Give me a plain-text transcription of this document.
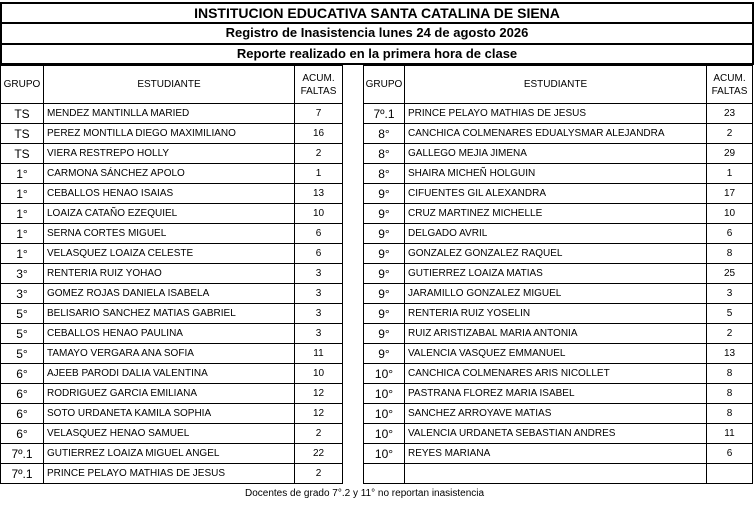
INSTITUCION EDUCATIVA SANTA CATALINA DE SIENA
Registro de Inasistencia lunes 24 de agosto 2026
Reporte realizado en la primera hora de clase
GRUPO	ESTUDIANTE	ACUM. FALTAS		GRUPO	ESTUDIANTE	ACUM. FALTAS
TS	MENDEZ MANTINLLA MARIED	7		7º.1	PRINCE PELAYO MATHIAS DE JESUS	23
TS	PEREZ MONTILLA DIEGO MAXIMILIANO	16		8°	CANCHICA COLMENARES EDUALYSMAR ALEJANDRA	2
TS	VIERA RESTREPO HOLLY	2		8°	GALLEGO MEJIA JIMENA	29
1°	CARMONA SÁNCHEZ APOLO	1		8°	SHAIRA MICHEÑ HOLGUIN	1
1°	CEBALLOS HENAO ISAIAS	13		9°	CIFUENTES GIL ALEXANDRA	17
1°	LOAIZA CATAÑO EZEQUIEL	10		9°	CRUZ MARTINEZ MICHELLE	10
1°	SERNA CORTES MIGUEL	6		9°	DELGADO AVRIL	6
1°	VELASQUEZ LOAIZA CELESTE	6		9°	GONZALEZ GONZALEZ RAQUEL	8
3°	RENTERIA RUIZ YOHAO	3		9°	GUTIERREZ LOAIZA MATIAS	25
3°	GOMEZ ROJAS DANIELA ISABELA	3		9°	JARAMILLO GONZALEZ MIGUEL	3
5°	BELISARIO SANCHEZ MATIAS GABRIEL	3		9°	RENTERIA RUIZ YOSELIN	5
5°	CEBALLOS HENAO PAULINA	3		9°	RUIZ ARISTIZABAL MARIA ANTONIA	2
5°	TAMAYO VERGARA ANA SOFIA	11		9°	VALENCIA VASQUEZ EMMANUEL	13
6°	AJEEB PARODI DALIA VALENTINA	10		10°	CANCHICA COLMENARES ARIS NICOLLET	8
6°	RODRIGUEZ GARCIA EMILIANA	12		10°	PASTRANA FLOREZ MARIA ISABEL	8
6°	SOTO URDANETA KAMILA SOPHIA	12		10°	SANCHEZ ARROYAVE MATIAS	8
6°	VELASQUEZ HENAO SAMUEL	2		10°	VALENCIA URDANETA SEBASTIAN ANDRES	11
7º.1	GUTIERREZ LOAIZA MIGUEL ANGEL	22		10°	REYES MARIANA	6
7º.1	PRINCE PELAYO MATHIAS DE JESUS	2				
Docentes de grado 7°.2 y 11° no reportan inasistencia
